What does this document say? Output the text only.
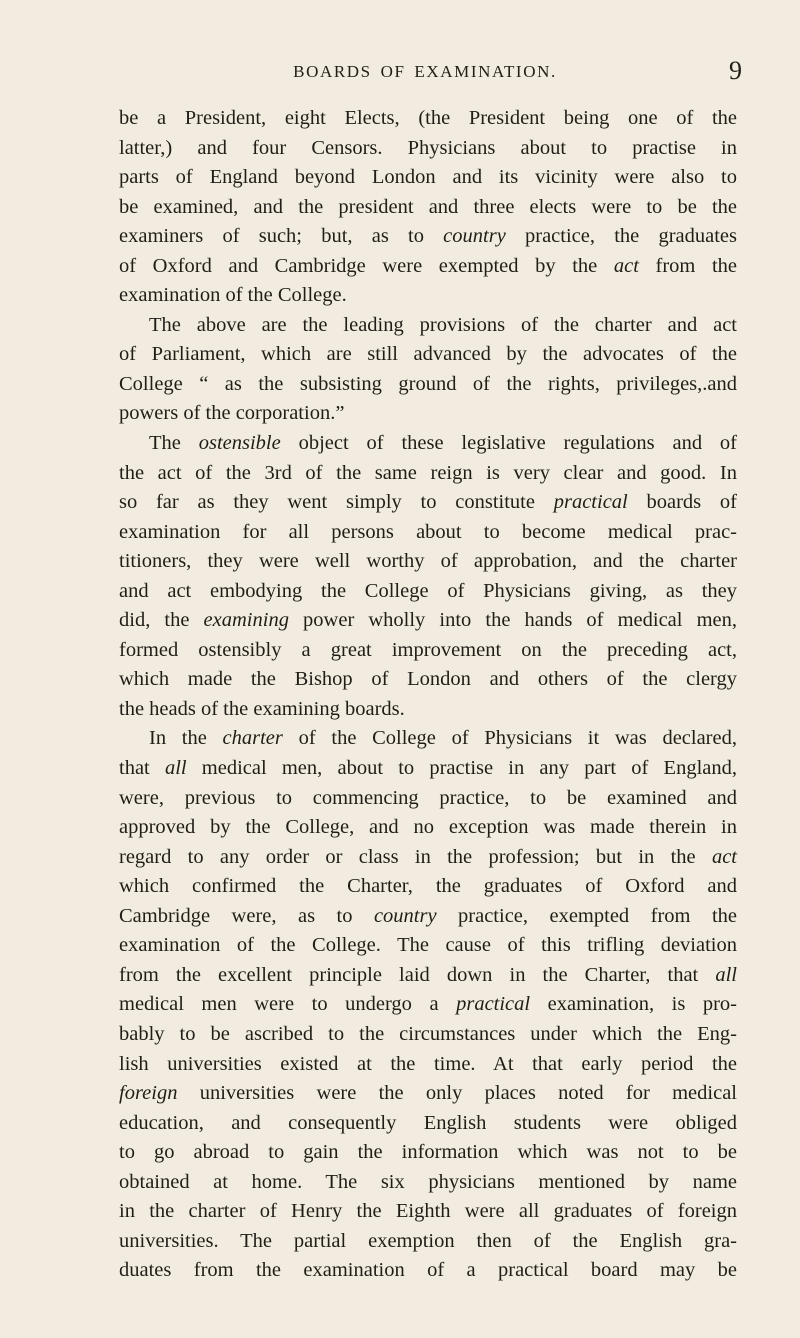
BOARDS OF EXAMINATION.	9
be a President, eight Elects, (the President being one of the
latter,) and four Censors. Physicians about to practise in
parts of England beyond London and its vicinity were also to
be examined, and the president and three elects were to be the
examiners of such; but, as to country practice, the graduates
of Oxford and Cambridge were exempted by the act from the
examination of the College.
The above are the leading provisions of the charter and act
of Parliament, which are still advanced by the advocates of the
College “ as the subsisting ground of the rights, privileges,.and
powers of the corporation.”
The ostensible object of these legislative regulations and of
the act of the 3rd of the same reign is very clear and good. In
so far as they went simply to constitute practical boards of
examination for all persons about to become medical prac-
titioners, they were well worthy of approbation, and the charter
and act embodying the College of Physicians giving, as they
did, the examining power wholly into the hands of medical men,
formed ostensibly a great improvement on the preceding act,
which made the Bishop of London and others of the clergy
the heads of the examining boards.
In the charter of the College of Physicians it was declared,
that all medical men, about to practise in any part of England,
were, previous to commencing practice, to be examined and
approved by the College, and no exception was made therein in
regard to any order or class in the profession; but in the act
which confirmed the Charter, the graduates of Oxford and
Cambridge were, as to country practice, exempted from the
examination of the College. The cause of this trifling deviation
from the excellent principle laid down in the Charter, that all
medical men were to undergo a practical examination, is pro-
bably to be ascribed to the circumstances under which the Eng-
lish universities existed at the time. At that early period the
foreign universities were the only places noted for medical
education, and consequently English students were obliged
to go abroad to gain the information which was not to be
obtained at home. The six physicians mentioned by name
in the charter of Henry the Eighth were all graduates of foreign
universities. The partial exemption then of the English gra-
duates from the examination of a practical board may be
